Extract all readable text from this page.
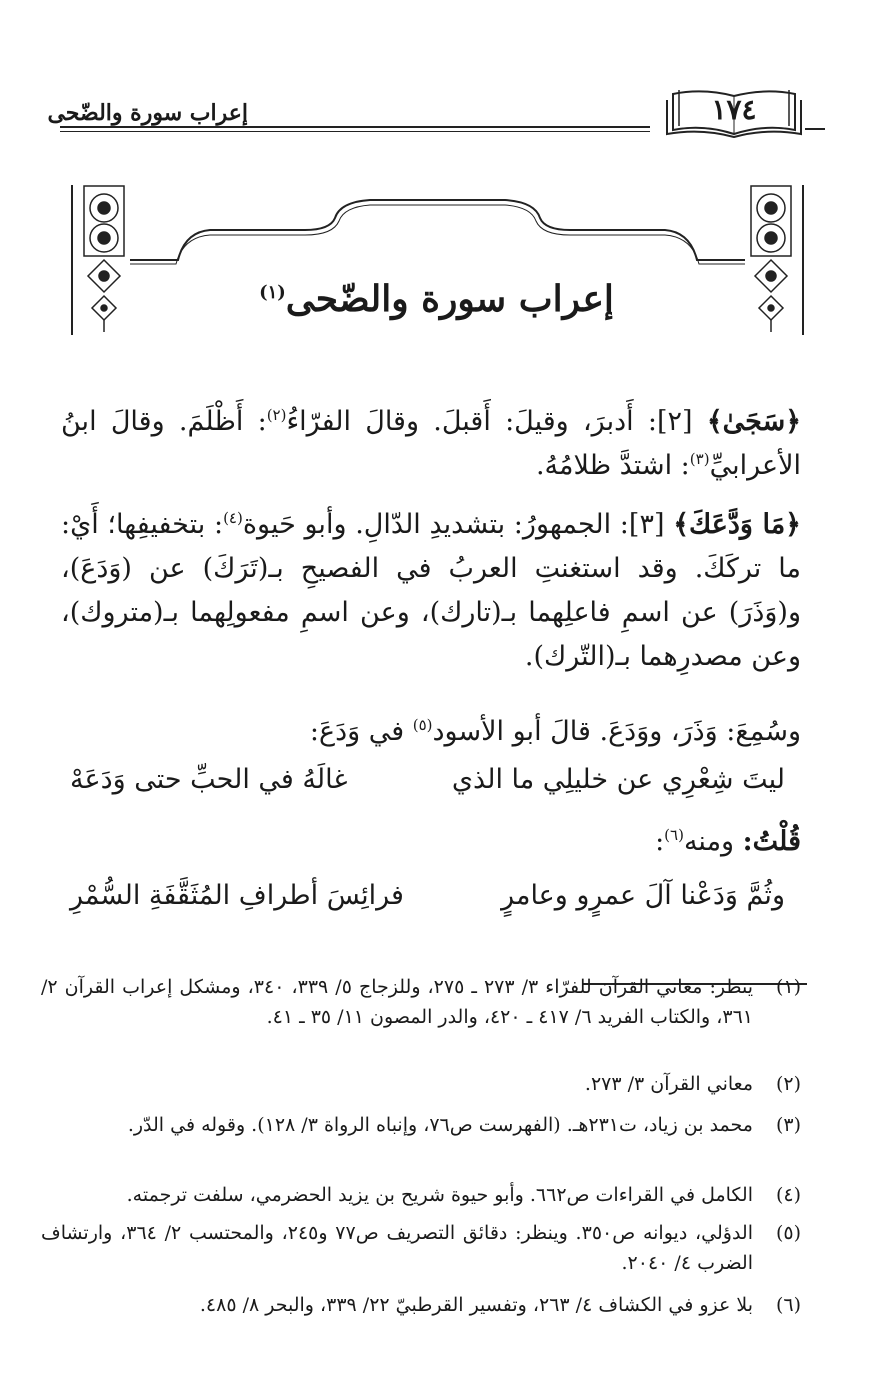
إعراب سورة والضّحى	١٧٤
إعراب سورة والضّحى$^{(١)}$
﴿سَجَىٰ﴾ [٢]: أَدبرَ، وقيلَ: أَقبلَ. وقالَ الفرّاءُ$^{(٢)}$: أَظْلَمَ. وقالَ ابنُ الأعرابيِّ$^{(٣)}$: اشتدَّ ظلامُهُ.
﴿مَا وَدَّعَكَ﴾ [٣]: الجمهورُ: بتشديدِ الدّالِ. وأبو حَيوة$^{(٤)}$: بتخفيفِها؛ أَيْ: ما تركَكَ. وقد استغنتِ العربُ في الفصيحِ بـ(تَرَكَ) عن (وَدَعَ)، و(وَذَرَ) عن اسمِ فاعلِهما بـ(تارك)، وعن اسمِ مفعولِهما بـ(متروك)، وعن مصدرِهما بـ(التّرك).
وسُمِعَ: وَذَرَ، ووَدَعَ. قالَ أبو الأسود$^{(٥)}$ في وَدَعَ:
ليتَ شِعْرِي عن خليلِي ما الذي
غالَهُ في الحبِّ حتى وَدَعَهْ
قُلْتُ: ومنه$^{(٦)}$:
وثُمَّ وَدَعْنا آلَ عمرٍو وعامرٍ
فرائِسَ أطرافِ المُثَقَّفَةِ السُّمْرِ
(١)
ينظر: معاني القرآن للفرّاء ٣/ ٢٧٣ ـ ٢٧٥، وللزجاج ٥/ ٣٣٩، ٣٤٠، ومشكل إعراب القرآن ٢/ ٣٦١، والكتاب الفريد ٦/ ٤١٧ ـ ٤٢٠، والدر المصون ١١/ ٣٥ ـ ٤١.
(٢)
معاني القرآن ٣/ ٢٧٣.
(٣)
محمد بن زياد، ت٢٣١هـ. (الفهرست ص٧٦، وإنباه الرواة ٣/ ١٢٨). وقوله في الدّر.
(٤)
الكامل في القراءات ص٦٦٢. وأبو حيوة شريح بن يزيد الحضرمي، سلفت ترجمته.
(٥)
الدؤلي، ديوانه ص٣٥٠. وينظر: دقائق التصريف ص٧٧ و٢٤٥، والمحتسب ٢/ ٣٦٤، وارتشاف الضرب ٤/ ٢٠٤٠.
(٦)
بلا عزو في الكشاف ٤/ ٢٦٣، وتفسير القرطبيّ ٢٢/ ٣٣٩، والبحر ٨/ ٤٨٥.
